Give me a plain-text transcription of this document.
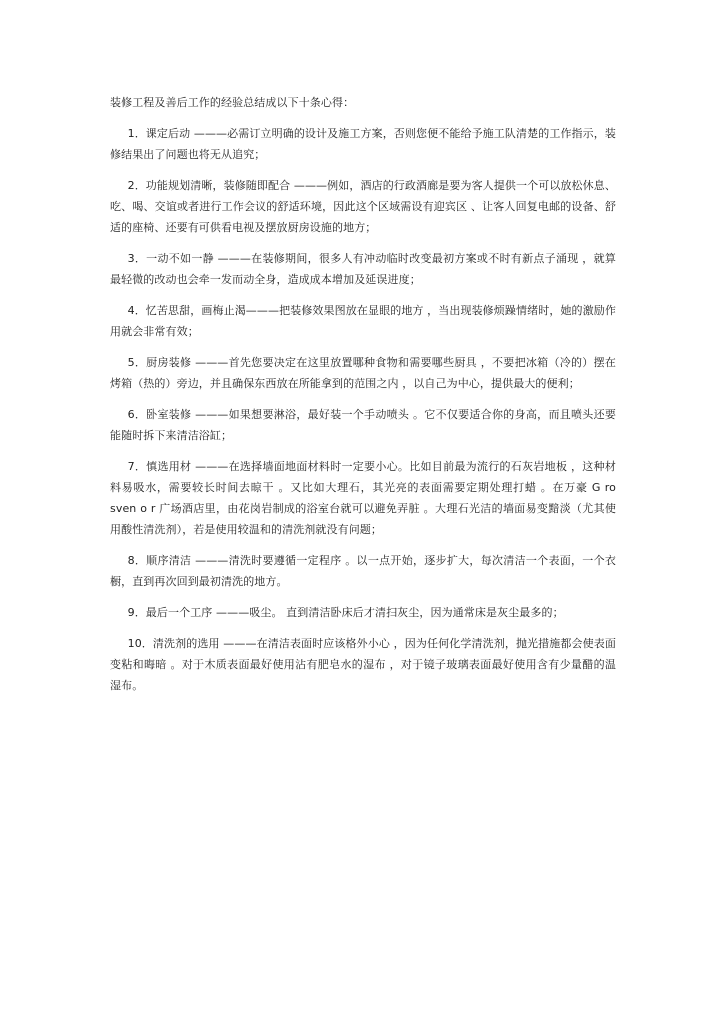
装修工程及善后工作的经验总结成以下十条心得：

1．课定后动 ———必需订立明确的设计及施工方案，否则您便不能给予施工队清楚的工作指示，装修结果出了问题也将无从追究；

2．功能规划清晰，装修随即配合 ———例如，酒店的行政酒廊是要为客人提供一个可以放松休息、吃、喝、交谊或者进行工作会议的舒适环境，因此这个区域需设有迎宾区 、让客人回复电邮的设备、舒适的座椅、还要有可供看电视及摆放厨房设施的地方；

3．一动不如一静 ———在装修期间，很多人有冲动临时改变最初方案或不时有新点子涌现 ，就算最轻微的改动也会牵一发而动全身，造成成本增加及延误进度；

4．忆苦思甜，画梅止渴———把装修效果图放在显眼的地方 ，当出现装修烦躁情绪时，她的激励作用就会非常有效；

5．厨房装修 ———首先您要决定在这里放置哪种食物和需要哪些厨具 ，不要把冰箱（冷的）摆在烤箱（热的）旁边，并且确保东西放在所能拿到的范围之内 ，以自己为中心，提供最大的便利；

6．卧室装修 ———如果想要淋浴，最好装一个手动喷头 。它不仅要适合你的身高，而且喷头还要能随时拆下来清洁浴缸；

7．慎选用材 ———在选择墙面地面材料时一定要小心。比如目前最为流行的石灰岩地板 ，这种材料易吸水，需要较长时间去晾干 。又比如大理石，其光亮的表面需要定期处理打蜡 。在万豪 G ro sven o r 广场酒店里，由花岗岩制成的浴室台就可以避免弄脏 。大理石光洁的墙面易变黯淡（尤其使用酸性清洗剂），若是使用较温和的清洗剂就没有问题；

8．顺序清洁 ———清洗时要遵循一定程序 。以一点开始，逐步扩大，每次清洁一个表面，一个衣橱，直到再次回到最初清洗的地方。

9．最后一个工序 ———吸尘。 直到清洁卧床后才清扫灰尘，因为通常床是灰尘最多的；

10．清洗剂的选用 ———在清洁表面时应该格外小心 ，因为任何化学清洗剂，抛光措施都会使表面变粘和晦暗 。对于木质表面最好使用沾有肥皂水的湿布 ，对于镜子玻璃表面最好使用含有少量醋的温湿布。
